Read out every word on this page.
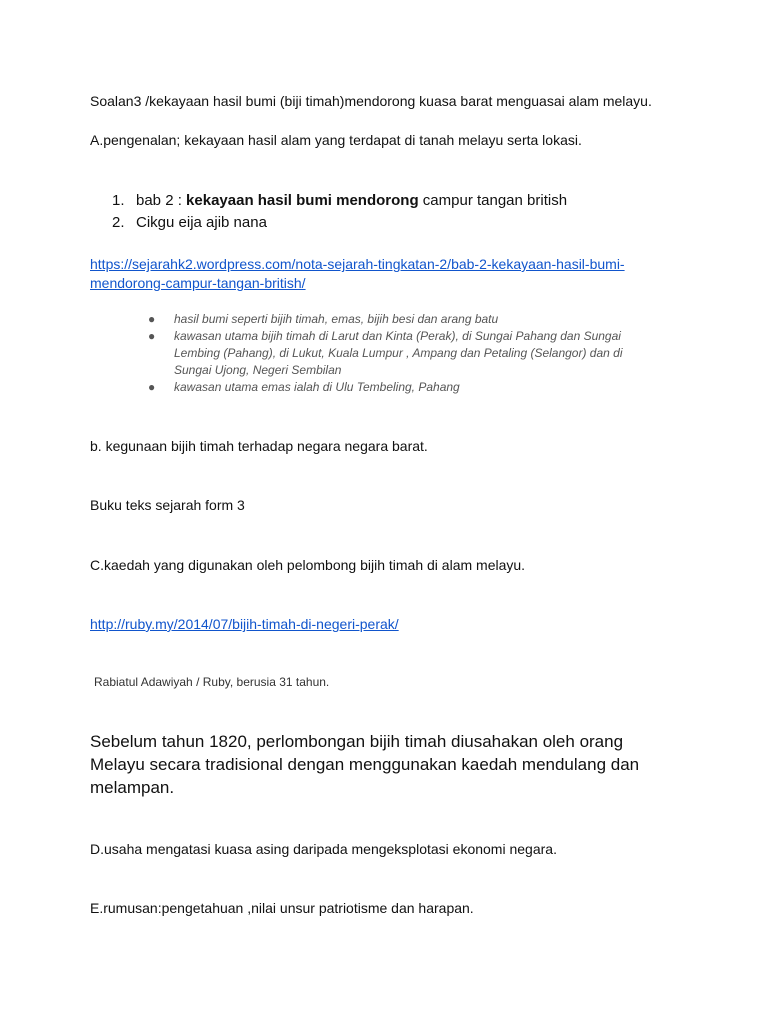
Soalan3 /kekayaan hasil bumi (biji timah)mendorong kuasa barat menguasai alam melayu.

A.pengenalan; kekayaan hasil alam yang terdapat di tanah melayu serta lokasi.

1. bab 2 : kekayaan hasil bumi mendorong campur tangan british
2. Cikgu eija ajib nana
https://sejarahk2.wordpress.com/nota-sejarah-tingkatan-2/bab-2-kekayaan-hasil-bumi-mendorong-campur-tangan-british/
● hasil bumi seperti bijih timah, emas, bijih besi dan arang batu
● kawasan utama bijih timah di Larut dan Kinta (Perak), di Sungai Pahang dan Sungai Lembing (Pahang), di Lukut, Kuala Lumpur , Ampang dan Petaling (Selangor) dan di Sungai Ujong, Negeri Sembilan
● kawasan utama emas ialah di Ulu Tembeling, Pahang

b. kegunaan bijih timah terhadap negara negara barat.

Buku teks sejarah form 3

C.kaedah yang digunakan oleh pelombong bijih timah di alam melayu.

http://ruby.my/2014/07/bijih-timah-di-negeri-perak/

Rabiatul Adawiyah / Ruby, berusia 31 tahun.

Sebelum tahun 1820, perlombongan bijih timah diusahakan oleh orang Melayu secara tradisional dengan menggunakan kaedah mendulang dan melampan.

D.usaha mengatasi kuasa asing daripada mengeksplotasi ekonomi negara.

E.rumusan:pengetahuan ,nilai unsur patriotisme dan harapan.
